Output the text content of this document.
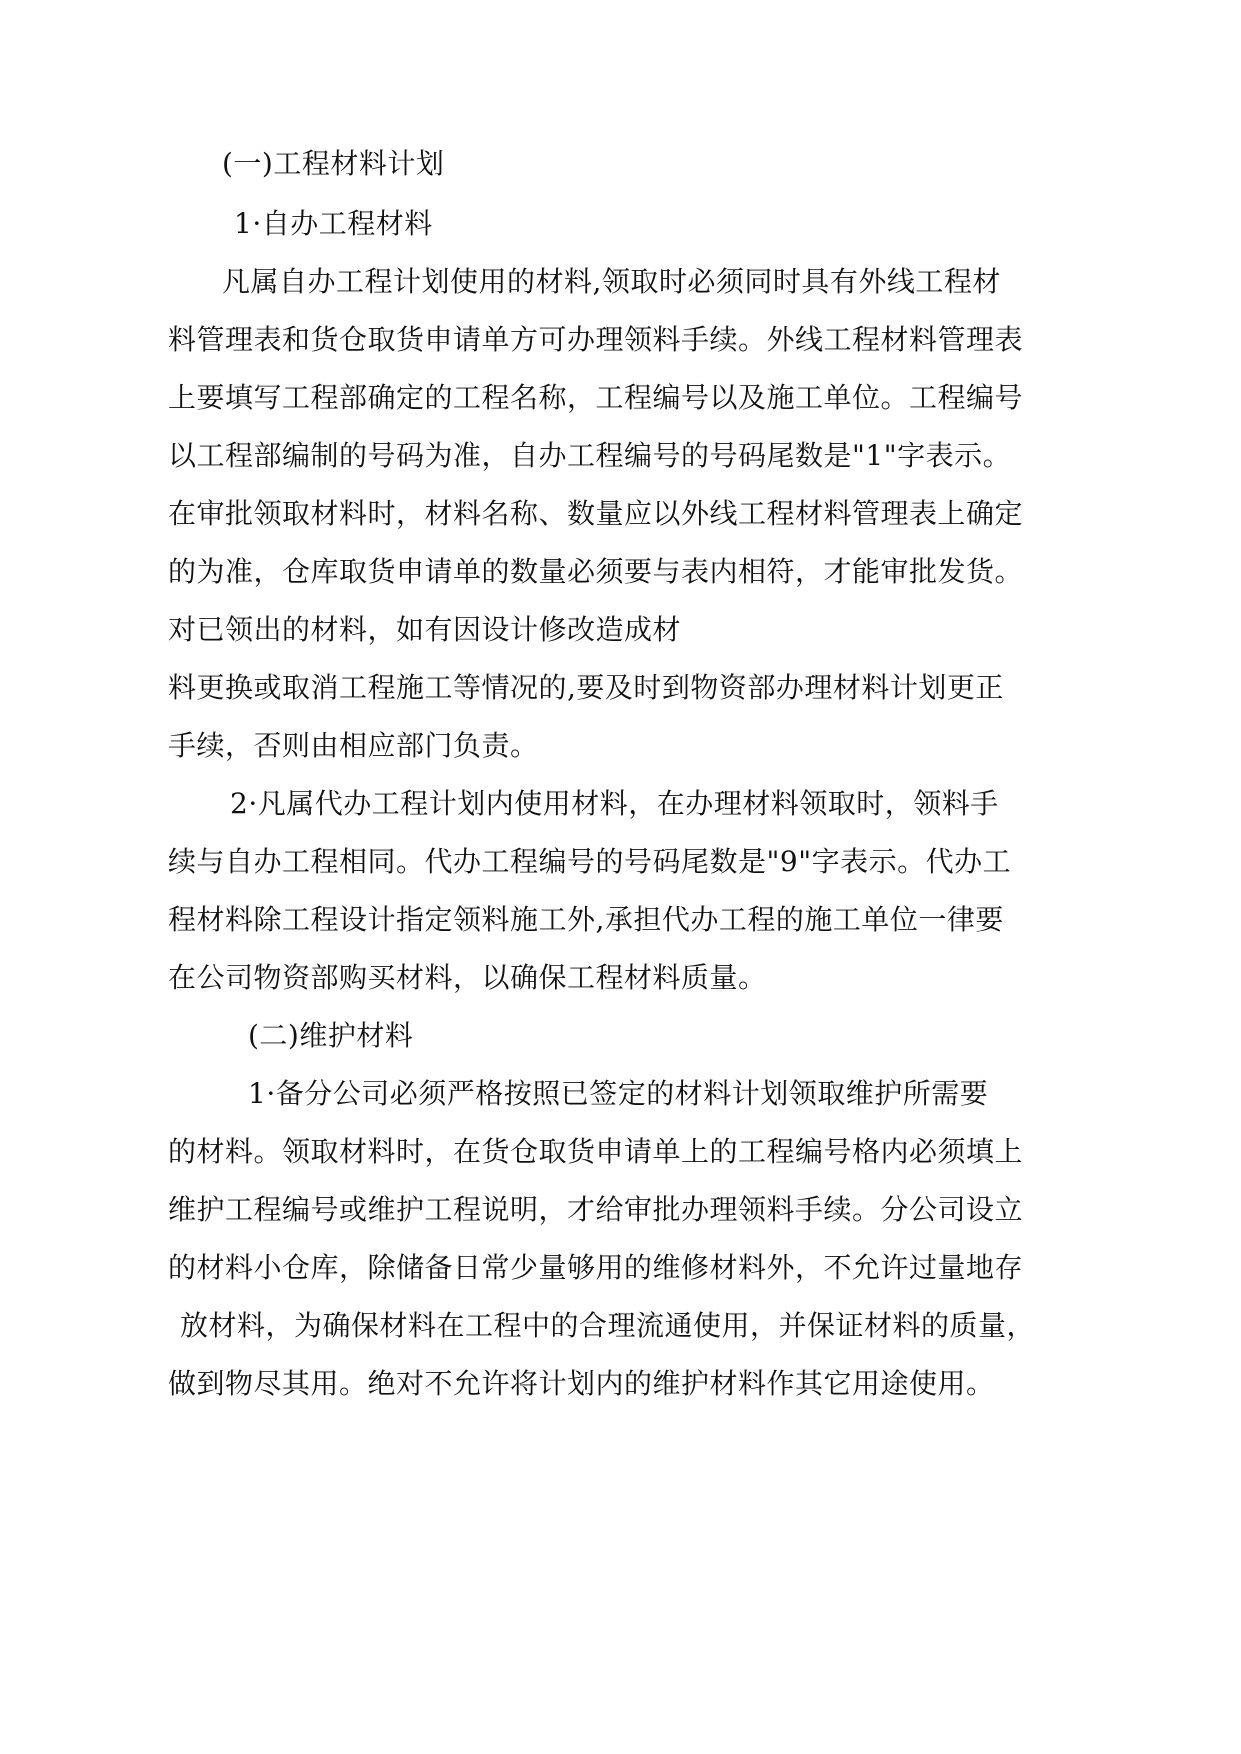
(一)工程材料计划
1·自办工程材料
凡属自办工程计划使用的材料,领取时必须同时具有外线工程材
料管理表和货仓取货申请单方可办理领料手续。外线工程材料管理表
上要填写工程部确定的工程名称，工程编号以及施工单位。工程编号
以工程部编制的号码为准，自办工程编号的号码尾数是"1"字表示。
在审批领取材料时，材料名称、数量应以外线工程材料管理表上确定
的为准，仓库取货申请单的数量必须要与表内相符，才能审批发货。
对已领出的材料，如有因设计修改造成材
料更换或取消工程施工等情况的,要及时到物资部办理材料计划更正
手续，否则由相应部门负责。
2·凡属代办工程计划内使用材料，在办理材料领取时，领料手
续与自办工程相同。代办工程编号的号码尾数是"9"字表示。代办工
程材料除工程设计指定领料施工外,承担代办工程的施工单位一律要
在公司物资部购买材料，以确保工程材料质量。
(二)维护材料
1·备分公司必须严格按照已签定的材料计划领取维护所需要
的材料。领取材料时，在货仓取货申请单上的工程编号格内必须填上
维护工程编号或维护工程说明，才给审批办理领料手续。分公司设立
的材料小仓库，除储备日常少量够用的维修材料外，不允许过量地存
放材料，为确保材料在工程中的合理流通使用，并保证材料的质量，
做到物尽其用。绝对不允许将计划内的维护材料作其它用途使用。
